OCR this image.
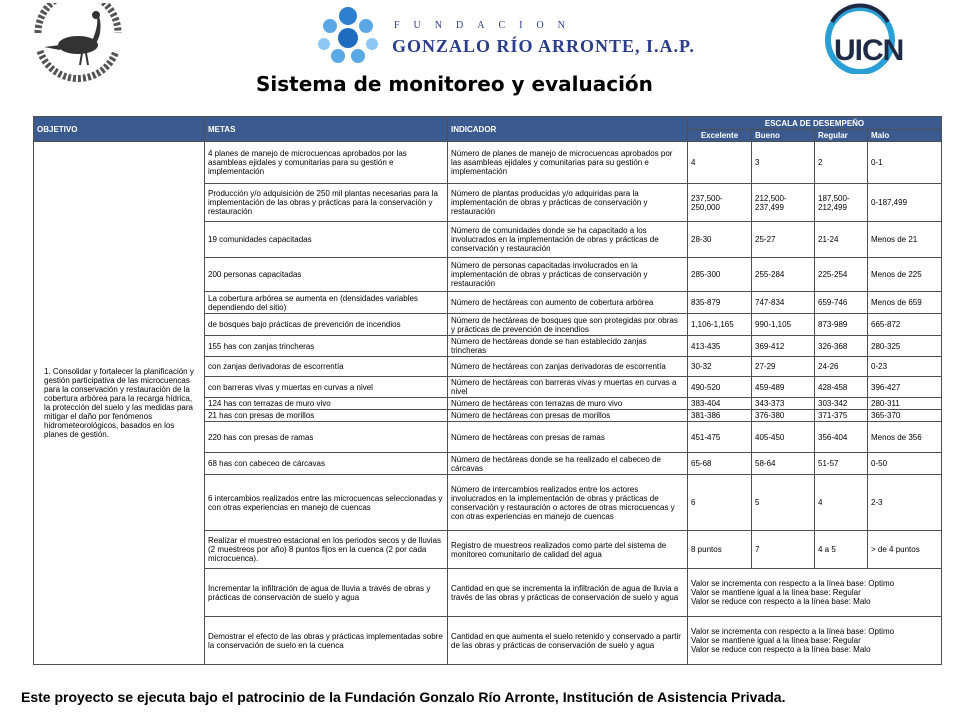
FUNDACION
GONZALO RÍO ARRONTE, I.A.P.	UICN
Sistema de monitoreo y evaluación
OBJETIVO	METAS	INDICADOR	ESCALA DE DESEMPEÑO			
			Excelente	Bueno	Regular	Malo
1. Consolidar y fortalecer la planificación y gestión participativa de las microcuencas para la conservación y restauración de la cobertura arbórea para la recarga hídrica, la protección del suelo y las medidas para mitigar el daño por fenómenos hidrometeorológicos, basados en los planes de gestión.	4 planes de manejo de microcuencas aprobados por las asambleas ejidales y comunitarias para su gestión e implementación	Número de planes de manejo de microcuencas aprobados por las asambleas ejidales y comunitarias para su gestión e implementación	4	3	2	0-1
	Producción y/o adquisición de 250 mil plantas necesarias para la implementación de las obras y prácticas para la conservación y restauración	Número de plantas producidas y/o adquiridas para la implementación de obras y prácticas de conservación y restauración	237,500-250,000	212,500-237,499	187,500-212,499	0-187,499
	19 comunidades capacitadas	Número de comunidades donde se ha capacitado a los involucrados en la implementación de obras y prácticas de conservación y restauración	28-30	25-27	21-24	Menos de 21
	200 personas capacitadas	Número de personas capacitadas involucrados en la implementación de obras y prácticas de conservación y restauración	285-300	255-284	225-254	Menos de 225
	La cobertura arbórea se aumenta en (densidades variables dependiendo del sitio)	Número de hectáreas con aumento de cobertura arbórea	835-879	747-834	659-746	Menos de 659
	de bosques bajo prácticas de prevención de incendios	Número de hectáreas de bosques que son protegidas por obras y prácticas de prevención de incendios	1,106-1,165	990-1,105	873-989	665-872
	155 has con zanjas trincheras	Número de hectáreas donde se han establecido zanjas trincheras	413-435	369-412	326-368	280-325
	con zanjas derivadoras de escorrentía	Número de hectáreas con zanjas derivadoras de escorrentía	30-32	27-29	24-26	0-23
	con barreras vivas y muertas en curvas a nivel	Número de hectáreas con barreras vivas y muertas en curvas a nivel	490-520	459-489	428-458	396-427
	124 has con terrazas de muro vivo	Número de hectáreas con terrazas de muro vivo	383-404	343-373	303-342	280-311
	21 has con presas de morillos	Número de hectáreas con presas de morillos	381-386	376-380	371-375	365-370
	220 has con presas de ramas	Número de hectáreas con presas de ramas	451-475	405-450	356-404	Menos de 356
	68 has con cabeceo de cárcavas	Número de hectáreas donde se ha realizado el cabeceo de cárcavas	65-68	58-64	51-57	0-50
	6 intercambios realizados entre las microcuencas seleccionadas y con otras experiencias en manejo de cuencas	Número de intercambios realizados entre los actores involucrados en la implementación de obras y prácticas de conservación y restauración o actores de otras microcuencas y con otras experiencias en manejo de cuencas	6	5	4	2-3
	Realizar el muestreo estacional en los periodos secos y de lluvias (2 muestreos por año) 8 puntos fijos en la cuenca (2 por cada microcuenca).	Registro de muestreos realizados como parte del sistema de monitoreo comunitario de calidad del agua	8 puntos	7	4 a 5	> de 4 puntos
	Incrementar la infiltración de agua de lluvia a través de obras y prácticas de conservación de suelo y agua	Cantidad en que se incrementa la infiltración de agua de lluvia a través de las obras y prácticas de conservación de suelo y agua	Valor se incrementa con respecto a la línea base: Optimo
Valor se mantiene igual a la línea base: Regular
Valor se reduce con respecto a la línea base: Malo			

	Demostrar el efecto de las obras y prácticas implementadas sobre la conservación de suelo en la cuenca	Cantidad en que aumenta el suelo retenido y conservado a partir de las obras y prácticas de conservación de suelo y agua	Valor se incrementa con respecto a la línea base: Optimo
Valor se mantiene igual a la línea base: Regular
Valor se reduce con respecto a la línea base: Malo			
Este proyecto se ejecuta bajo el patrocinio de la Fundación Gonzalo Río Arronte, Institución de Asistencia Privada.
